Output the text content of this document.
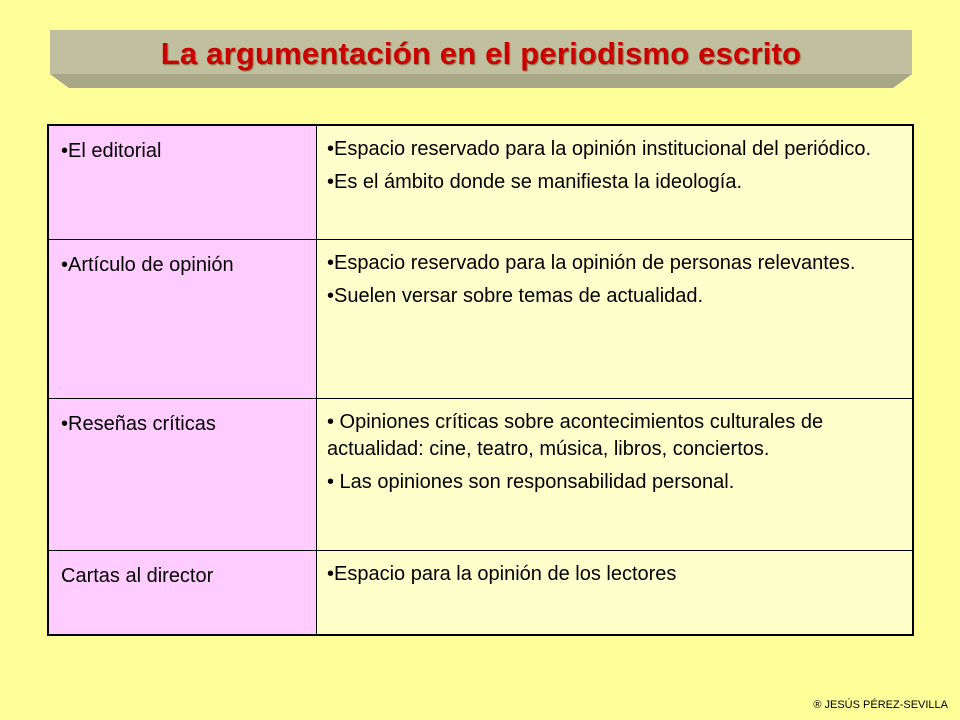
La argumentación en el periodismo escrito
•El editorial	•Espacio reservado para la opinión institucional del periódico.
•Es el ámbito donde se manifiesta la ideología.

•Artículo de opinión	•Espacio reservado para la opinión de personas relevantes.
•Suelen versar sobre temas de actualidad.

•Reseñas críticas	• Opiniones críticas sobre acontecimientos culturales de actualidad: cine, teatro, música, libros, conciertos.
• Las opiniones son responsabilidad personal.

Cartas al director	•Espacio para la opinión de los lectores
® JESÚS PÉREZ-SEVILLA
